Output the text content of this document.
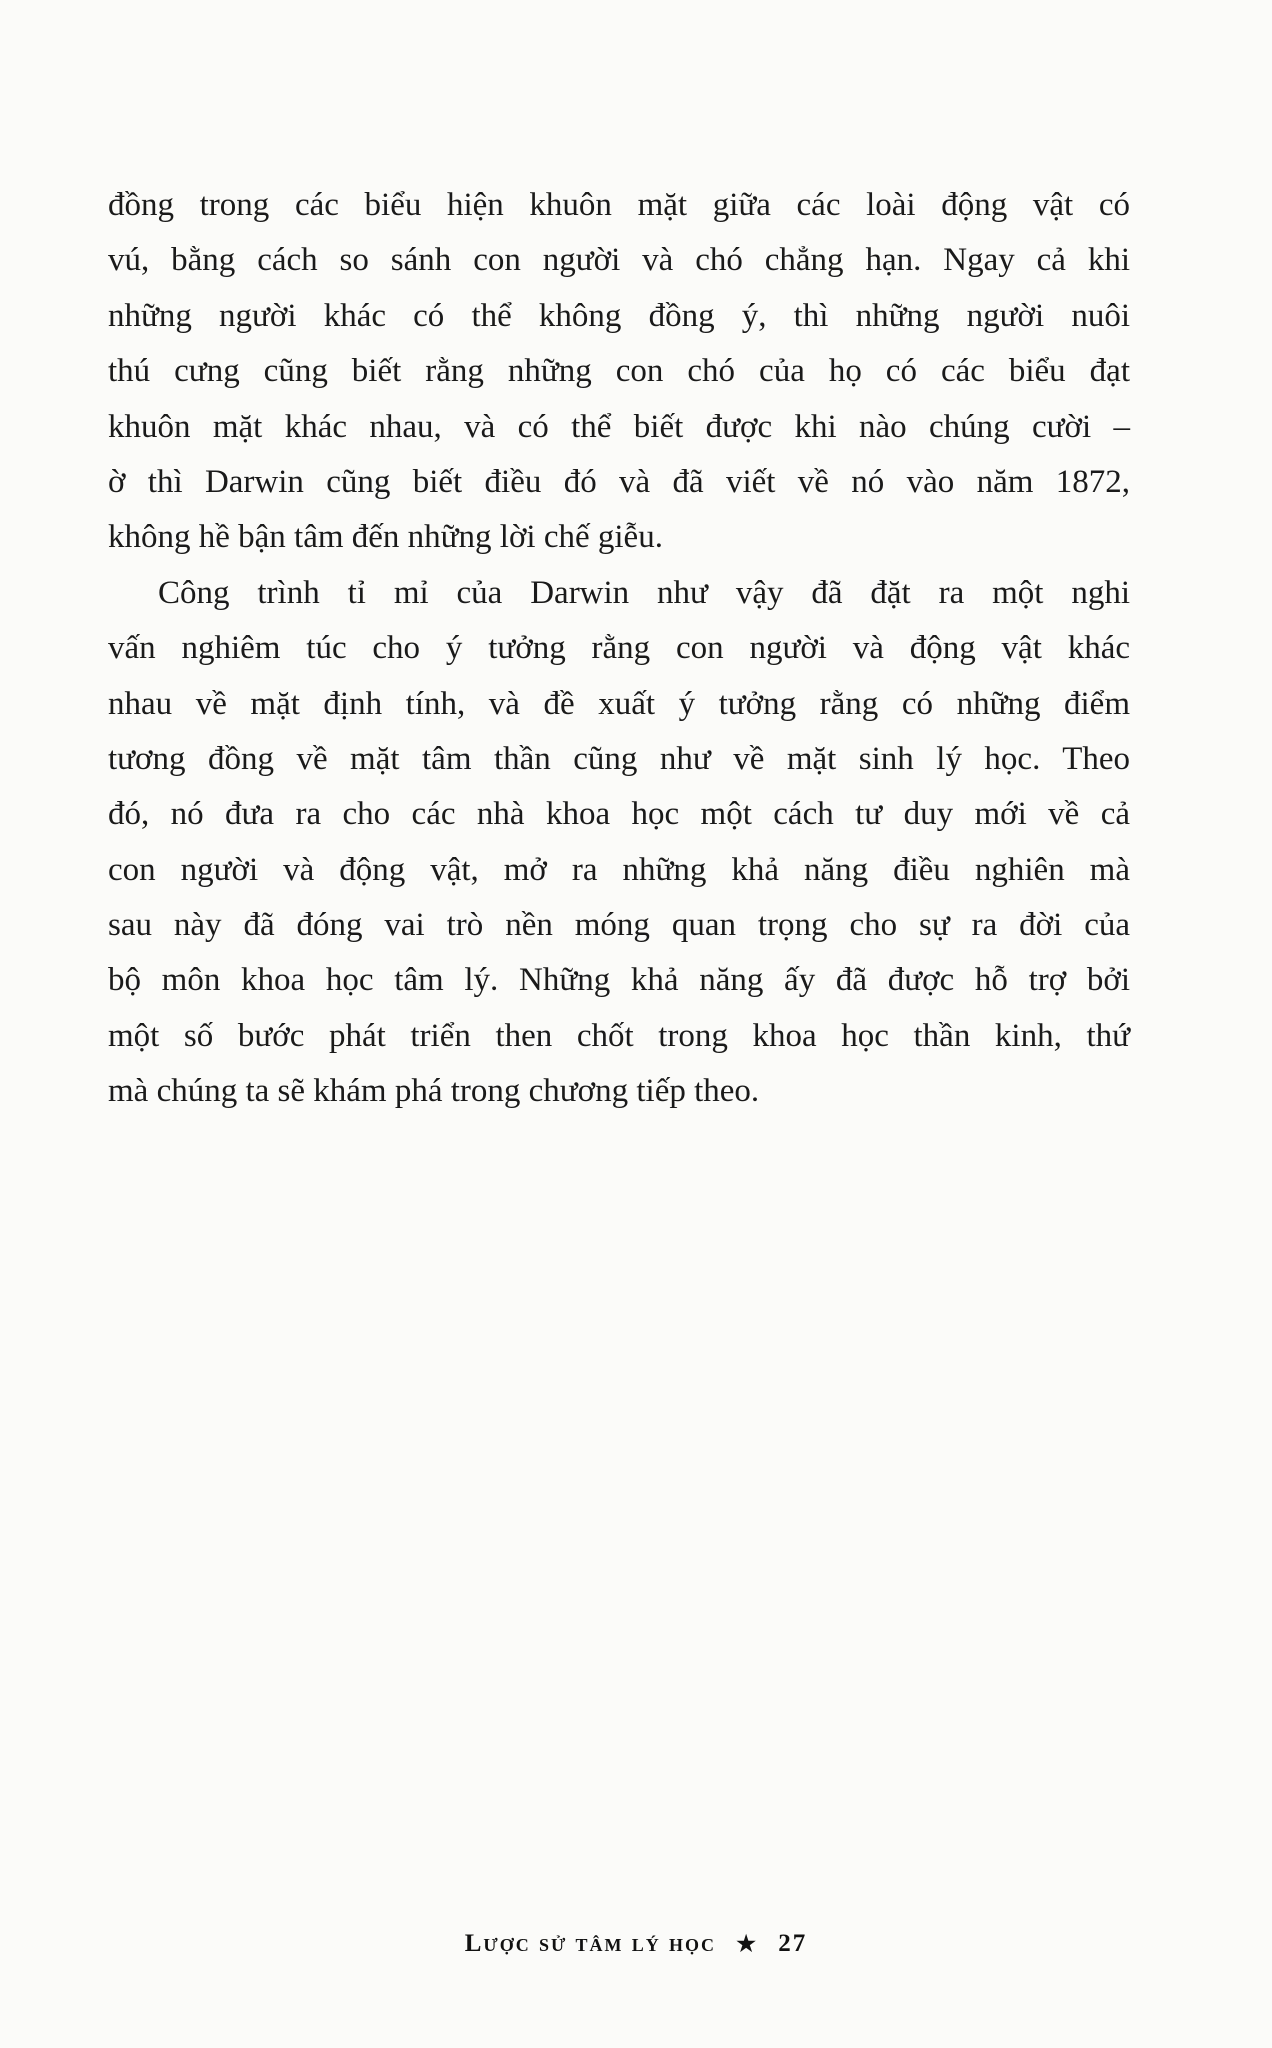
đồng trong các biểu hiện khuôn mặt giữa các loài động vật có
vú, bằng cách so sánh con người và chó chẳng hạn. Ngay cả khi
những người khác có thể không đồng ý, thì những người nuôi
thú cưng cũng biết rằng những con chó của họ có các biểu đạt
khuôn mặt khác nhau, và có thể biết được khi nào chúng cười –
ờ thì Darwin cũng biết điều đó và đã viết về nó vào năm 1872,
không hề bận tâm đến những lời chế giễu.
Công trình tỉ mỉ của Darwin như vậy đã đặt ra một nghi
vấn nghiêm túc cho ý tưởng rằng con người và động vật khác
nhau về mặt định tính, và đề xuất ý tưởng rằng có những điểm
tương đồng về mặt tâm thần cũng như về mặt sinh lý học. Theo
đó, nó đưa ra cho các nhà khoa học một cách tư duy mới về cả
con người và động vật, mở ra những khả năng điều nghiên mà
sau này đã đóng vai trò nền móng quan trọng cho sự ra đời của
bộ môn khoa học tâm lý. Những khả năng ấy đã được hỗ trợ bởi
một số bước phát triển then chốt trong khoa học thần kinh, thứ
mà chúng ta sẽ khám phá trong chương tiếp theo.
Lược sử tâm lý học ★ 27
